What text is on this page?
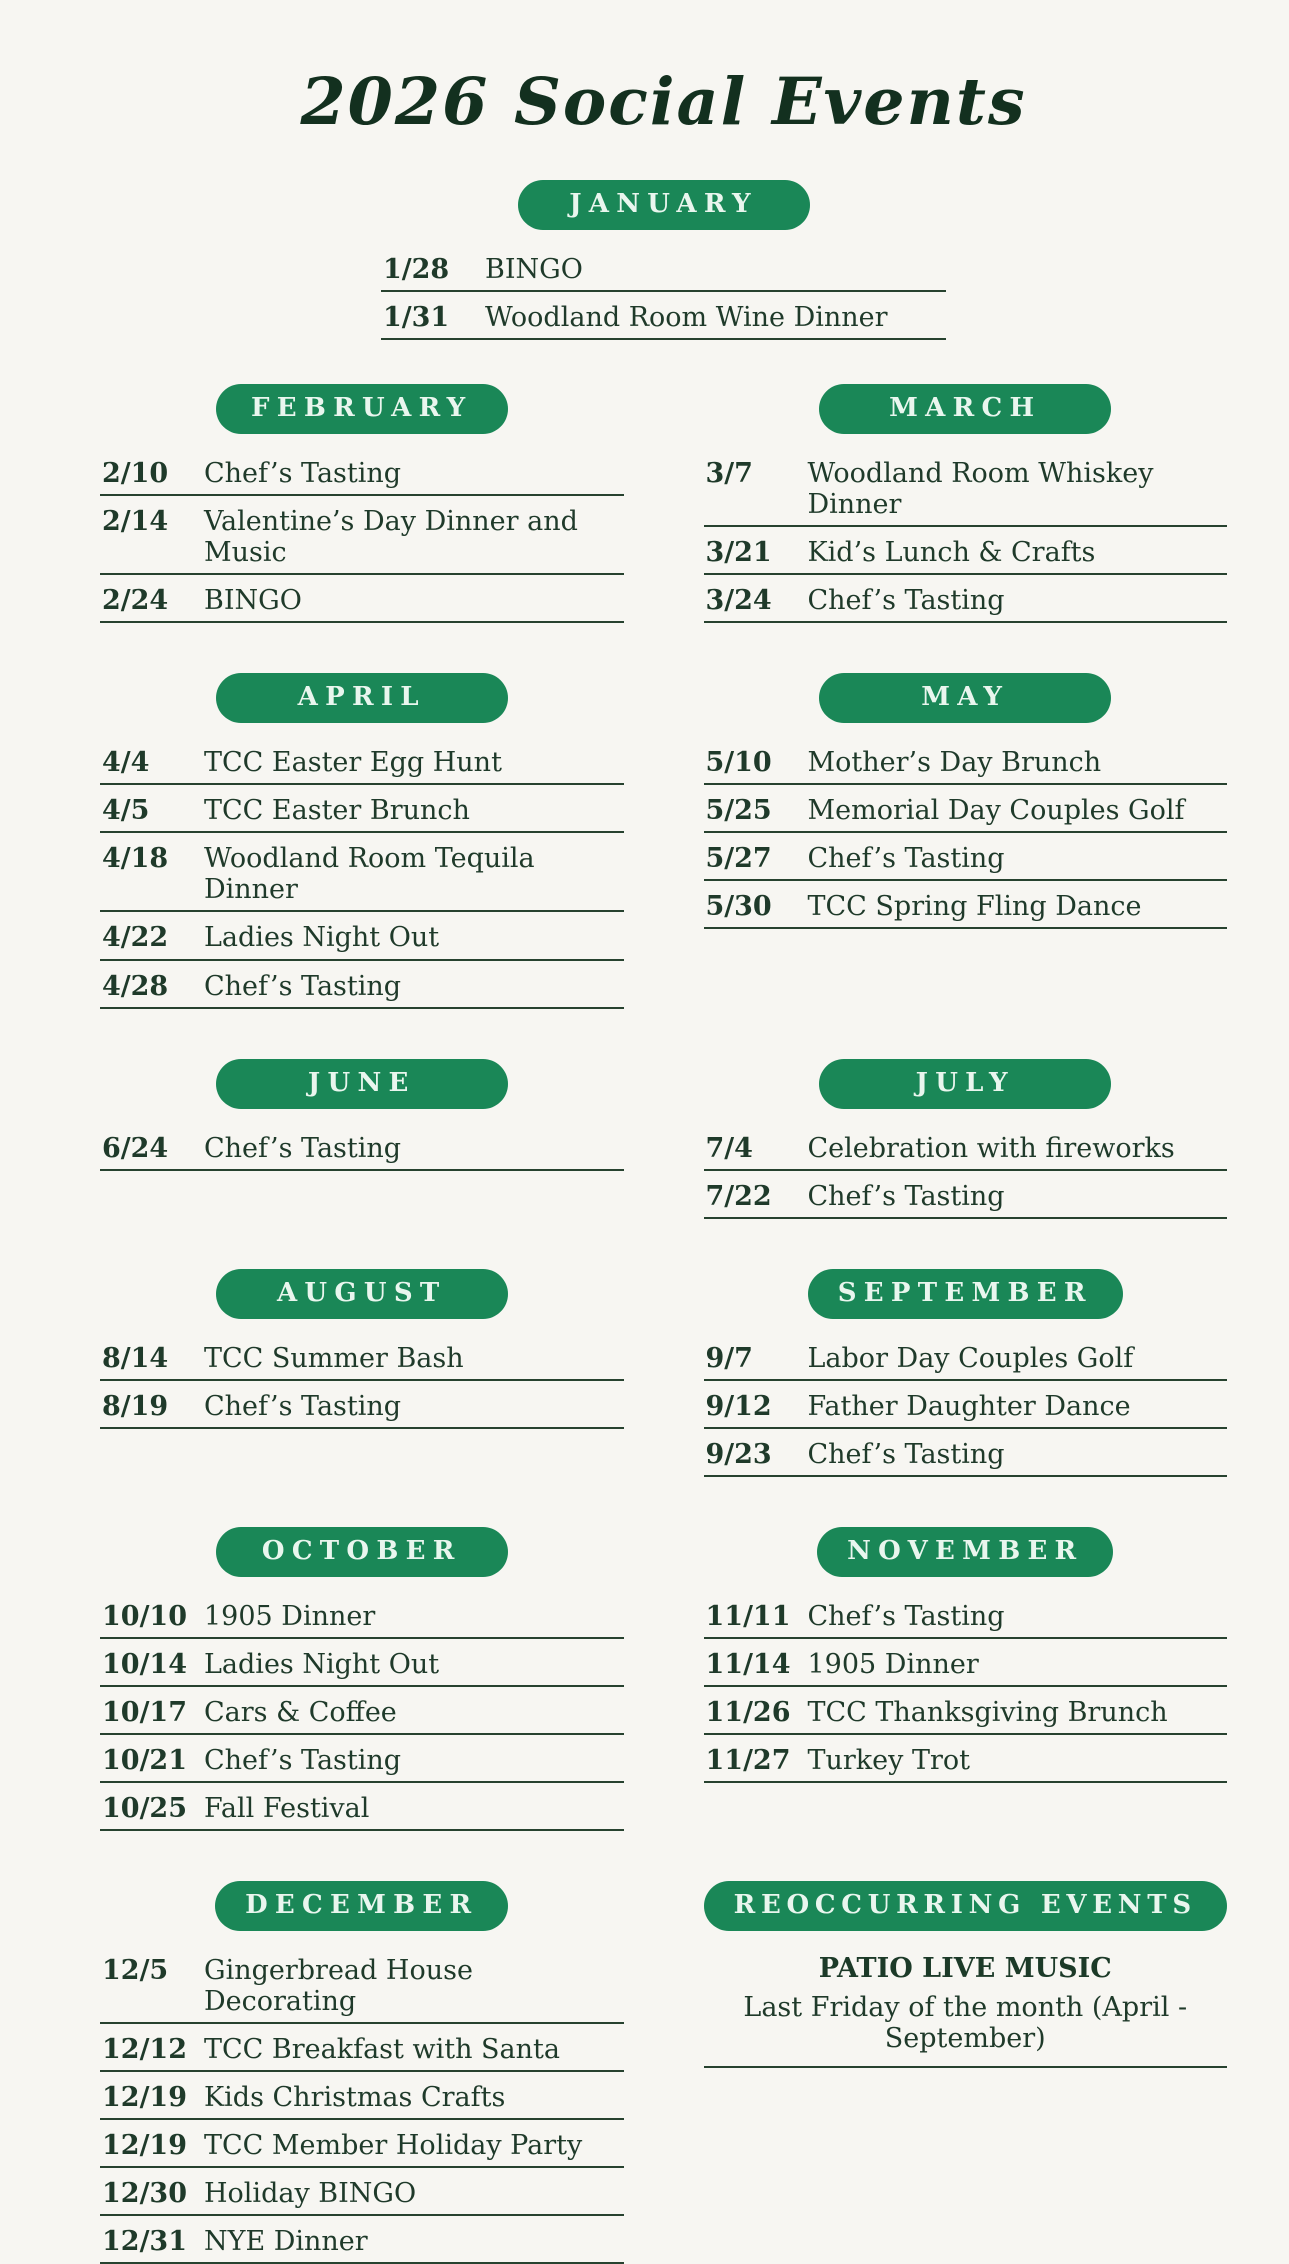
2026 Social Events
JANUARY
1/28	BINGO
1/31	Woodland Room Wine Dinner
REOCCURRING EVENTS
PATIO LIVE MUSIC
Last Friday of the month (April - September)
FEBRUARY
2/10	Chef’s Tasting
2/14	Valentine’s Day Dinner and Music
2/24	BINGO
MARCH
3/7	Woodland Room Whiskey Dinner
3/21	Kid’s Lunch & Crafts
3/24	Chef’s Tasting
APRIL
4/4	TCC Easter Egg Hunt
4/5	TCC Easter Brunch
4/18	Woodland Room Tequila Dinner
4/22	Ladies Night Out
4/28	Chef’s Tasting
MAY
5/10	Mother’s Day Brunch
5/25	Memorial Day Couples Golf
5/27	Chef’s Tasting
5/30	TCC Spring Fling Dance
JUNE
6/24	Chef’s Tasting
JULY
7/4	Celebration with fireworks
7/22	Chef’s Tasting
AUGUST
8/14	TCC Summer Bash
8/19	Chef’s Tasting
SEPTEMBER
9/7	Labor Day Couples Golf
9/12	Father Daughter Dance
9/23	Chef’s Tasting
OCTOBER
10/10 1905 Dinner
10/14 Ladies Night Out
10/17 Cars & Coffee
10/21 Chef’s Tasting
10/25 Fall Festival
NOVEMBER
11/11 Chef’s Tasting
11/14 1905 Dinner
11/26 TCC Thanksgiving Brunch
11/27 Turkey Trot
DECEMBER
12/5	Gingerbread House Decorating
12/12 TCC Breakfast with Santa
12/19 Kids Christmas Crafts
12/19 TCC Member Holiday Party
12/30 Holiday BINGO
12/31 NYE Dinner
